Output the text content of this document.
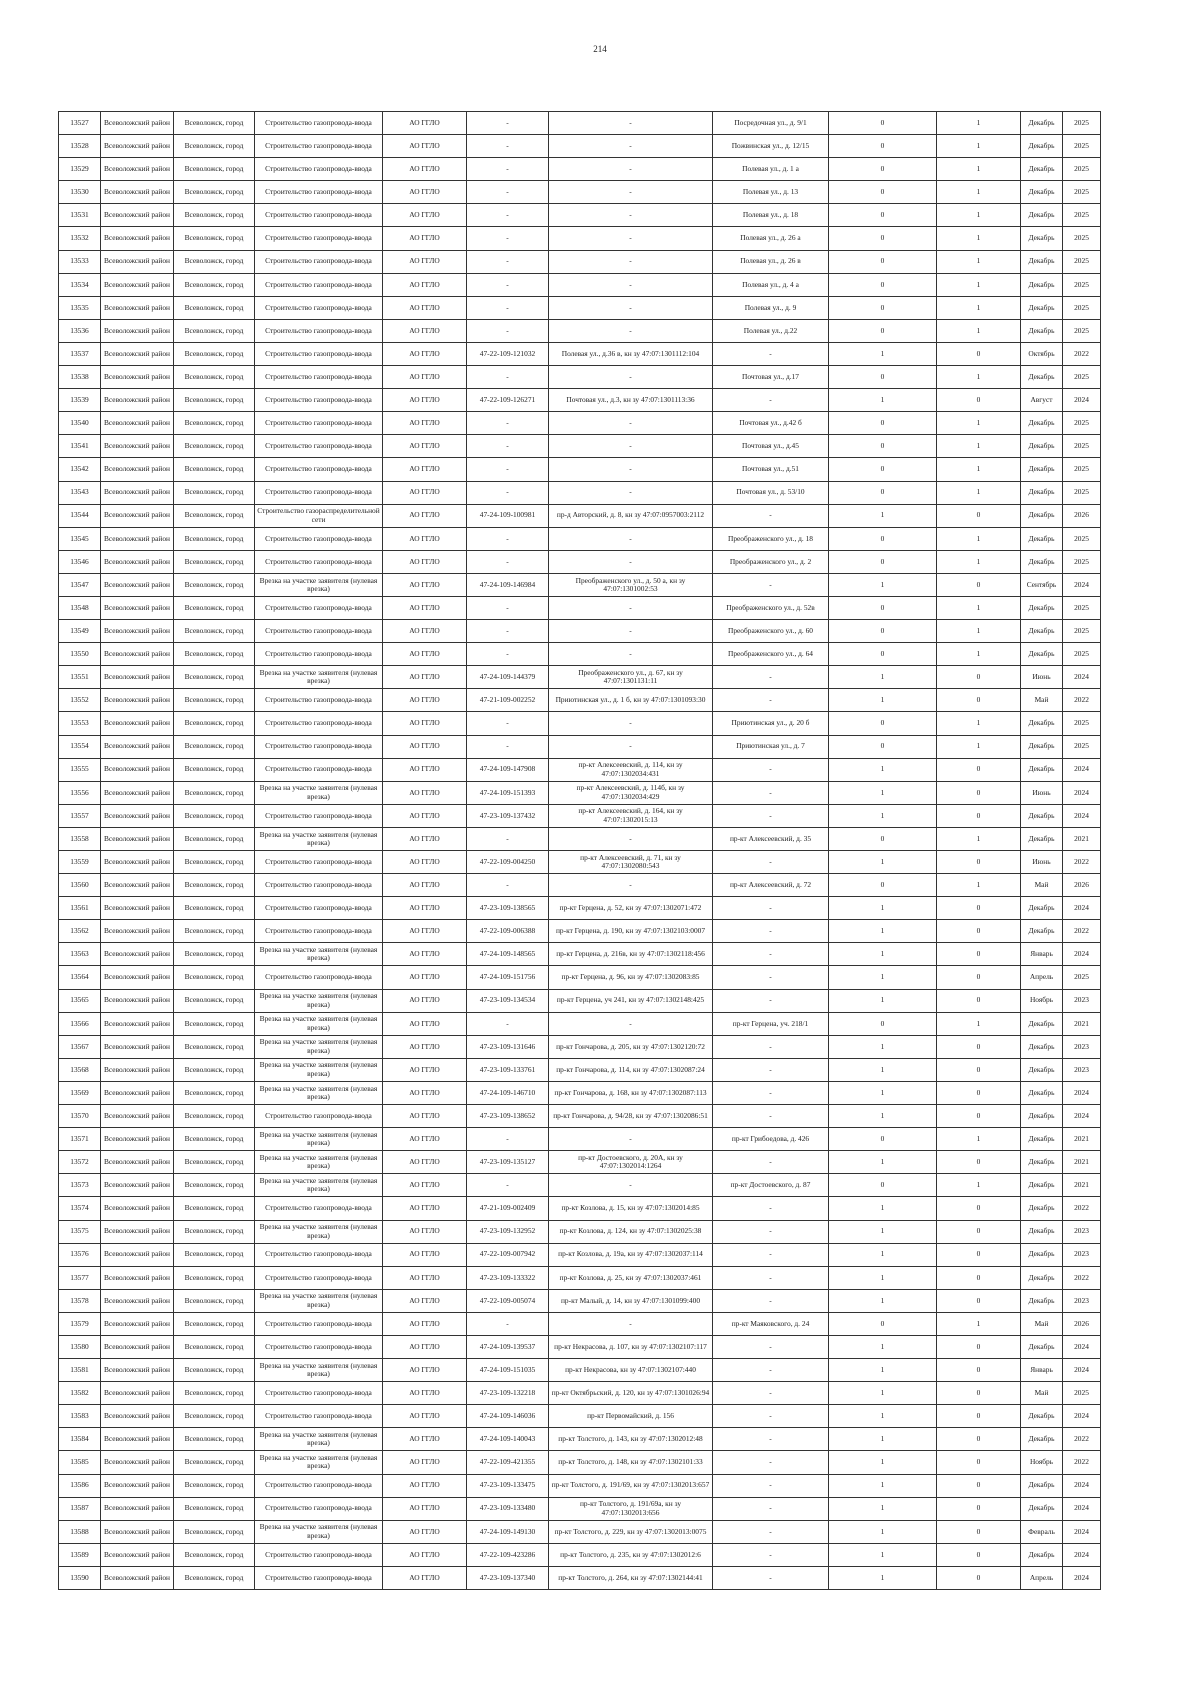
214
13527	Всеволожский район	Всеволожск, город	Строительство газопровода-ввода	АО ГГЛО	-	-	Посредочная ул., д. 9/1	0	1	Декабрь	2025
13528	Всеволожский район	Всеволожск, город	Строительство газопровода-ввода	АО ГГЛО	-	-	Пожвинская ул., д. 12/15	0	1	Декабрь	2025
13529	Всеволожский район	Всеволожск, город	Строительство газопровода-ввода	АО ГГЛО	-	-	Полевая ул., д. 1 а	0	1	Декабрь	2025
13530	Всеволожский район	Всеволожск, город	Строительство газопровода-ввода	АО ГГЛО	-	-	Полевая ул., д. 13	0	1	Декабрь	2025
13531	Всеволожский район	Всеволожск, город	Строительство газопровода-ввода	АО ГГЛО	-	-	Полевая ул., д. 18	0	1	Декабрь	2025
13532	Всеволожский район	Всеволожск, город	Строительство газопровода-ввода	АО ГГЛО	-	-	Полевая ул., д. 26 а	0	1	Декабрь	2025
13533	Всеволожский район	Всеволожск, город	Строительство газопровода-ввода	АО ГГЛО	-	-	Полевая ул., д. 26 в	0	1	Декабрь	2025
13534	Всеволожский район	Всеволожск, город	Строительство газопровода-ввода	АО ГГЛО	-	-	Полевая ул., д. 4 а	0	1	Декабрь	2025
13535	Всеволожский район	Всеволожск, город	Строительство газопровода-ввода	АО ГГЛО	-	-	Полевая ул., д. 9	0	1	Декабрь	2025
13536	Всеволожский район	Всеволожск, город	Строительство газопровода-ввода	АО ГГЛО	-	-	Полевая ул., д.22	0	1	Декабрь	2025
13537	Всеволожский район	Всеволожск, город	Строительство газопровода-ввода	АО ГГЛО	47-22-109-121032	Полевая ул., д.36 в, кн зу 47:07:1301112:104	-	1	0	Октябрь	2022
13538	Всеволожский район	Всеволожск, город	Строительство газопровода-ввода	АО ГГЛО	-	-	Почтовая ул., д.17	0	1	Декабрь	2025
13539	Всеволожский район	Всеволожск, город	Строительство газопровода-ввода	АО ГГЛО	47-22-109-126271	Почтовая ул., д.3, кн зу 47:07:1301113:36	-	1	0	Август	2024
13540	Всеволожский район	Всеволожск, город	Строительство газопровода-ввода	АО ГГЛО	-	-	Почтовая ул., д.42 б	0	1	Декабрь	2025
13541	Всеволожский район	Всеволожск, город	Строительство газопровода-ввода	АО ГГЛО	-	-	Почтовая ул., д.45	0	1	Декабрь	2025
13542	Всеволожский район	Всеволожск, город	Строительство газопровода-ввода	АО ГГЛО	-	-	Почтовая ул., д.51	0	1	Декабрь	2025
13543	Всеволожский район	Всеволожск, город	Строительство газопровода-ввода	АО ГГЛО	-	-	Почтовая ул., д. 53/10	0	1	Декабрь	2025
13544	Всеволожский район	Всеволожск, город	Строительство газораспределительной сети	АО ГГЛО	47-24-109-100981	пр-д Авторский, д. 8, кн зу 47:07:0957003:2112	-	1	0	Декабрь	2026
13545	Всеволожский район	Всеволожск, город	Строительство газопровода-ввода	АО ГГЛО	-	-	Преображенского ул., д. 18	0	1	Декабрь	2025
13546	Всеволожский район	Всеволожск, город	Строительство газопровода-ввода	АО ГГЛО	-	-	Преображенского ул., д. 2	0	1	Декабрь	2025
13547	Всеволожский район	Всеволожск, город	Врезка на участке заявителя (нулевая врезка)	АО ГГЛО	47-24-109-146984	Преображенского ул., д. 50 а, кн зу 47:07:1301002:53	-	1	0	Сентябрь	2024
13548	Всеволожский район	Всеволожск, город	Строительство газопровода-ввода	АО ГГЛО	-	-	Преображенского ул., д. 52в	0	1	Декабрь	2025
13549	Всеволожский район	Всеволожск, город	Строительство газопровода-ввода	АО ГГЛО	-	-	Преображенского ул., д. 60	0	1	Декабрь	2025
13550	Всеволожский район	Всеволожск, город	Строительство газопровода-ввода	АО ГГЛО	-	-	Преображенского ул., д. 64	0	1	Декабрь	2025
13551	Всеволожский район	Всеволожск, город	Врезка на участке заявителя (нулевая врезка)	АО ГГЛО	47-24-109-144379	Преображенского ул., д. 67, кн зу 47:07:1301131:11	-	1	0	Июнь	2024
13552	Всеволожский район	Всеволожск, город	Строительство газопровода-ввода	АО ГГЛО	47-21-109-002252	Приютинская ул., д. 1 б, кн зу 47:07:1301093:30	-	1	0	Май	2022
13553	Всеволожский район	Всеволожск, город	Строительство газопровода-ввода	АО ГГЛО	-	-	Приютинская ул., д. 20 б	0	1	Декабрь	2025
13554	Всеволожский район	Всеволожск, город	Строительство газопровода-ввода	АО ГГЛО	-	-	Приютинская ул., д. 7	0	1	Декабрь	2025
13555	Всеволожский район	Всеволожск, город	Строительство газопровода-ввода	АО ГГЛО	47-24-109-147908	пр-кт Алексеевский, д. 114, кн зу 47:07:1302034:431	-	1	0	Декабрь	2024
13556	Всеволожский район	Всеволожск, город	Врезка на участке заявителя (нулевая врезка)	АО ГГЛО	47-24-109-151393	пр-кт Алексеевский, д. 114б, кн зу 47:07:1302034:429	-	1	0	Июнь	2024
13557	Всеволожский район	Всеволожск, город	Строительство газопровода-ввода	АО ГГЛО	47-23-109-137432	пр-кт Алексеевский, д. 164, кн зу 47:07:1302015:13	-	1	0	Декабрь	2024
13558	Всеволожский район	Всеволожск, город	Врезка на участке заявителя (нулевая врезка)	АО ГГЛО	-	-	пр-кт Алексеевский, д. 35	0	1	Декабрь	2021
13559	Всеволожский район	Всеволожск, город	Строительство газопровода-ввода	АО ГГЛО	47-22-109-004250	пр-кт Алексеевский, д. 71, кн зу 47:07:1302080:543	-	1	0	Июнь	2022
13560	Всеволожский район	Всеволожск, город	Строительство газопровода-ввода	АО ГГЛО	-	-	пр-кт Алексеевский, д. 72	0	1	Май	2026
13561	Всеволожский район	Всеволожск, город	Строительство газопровода-ввода	АО ГГЛО	47-23-109-138565	пр-кт Герцена, д. 52, кн зу 47:07:1302071:472	-	1	0	Декабрь	2024
13562	Всеволожский район	Всеволожск, город	Строительство газопровода-ввода	АО ГГЛО	47-22-109-006388	пр-кт Герцена, д. 190, кн зу 47:07:1302103:0007	-	1	0	Декабрь	2022
13563	Всеволожский район	Всеволожск, город	Врезка на участке заявителя (нулевая врезка)	АО ГГЛО	47-24-109-148565	пр-кт Герцена, д. 216в, кн зу 47:07:1302118:456	-	1	0	Январь	2024
13564	Всеволожский район	Всеволожск, город	Строительство газопровода-ввода	АО ГГЛО	47-24-109-151756	пр-кт Герцена, д. 96, кн зу 47:07:1302083:85	-	1	0	Апрель	2025
13565	Всеволожский район	Всеволожск, город	Врезка на участке заявителя (нулевая врезка)	АО ГГЛО	47-23-109-134534	пр-кт Герцена, уч 241, кн зу 47:07:1302148:425	-	1	0	Ноябрь	2023
13566	Всеволожский район	Всеволожск, город	Врезка на участке заявителя (нулевая врезка)	АО ГГЛО	-	-	пр-кт Герцена, уч. 218/1	0	1	Декабрь	2021
13567	Всеволожский район	Всеволожск, город	Врезка на участке заявителя (нулевая врезка)	АО ГГЛО	47-23-109-131646	пр-кт Гончарова, д. 205, кн зу 47:07:1302120:72	-	1	0	Декабрь	2023
13568	Всеволожский район	Всеволожск, город	Врезка на участке заявителя (нулевая врезка)	АО ГГЛО	47-23-109-133761	пр-кт Гончарова, д. 114, кн зу 47:07:1302087:24	-	1	0	Декабрь	2023
13569	Всеволожский район	Всеволожск, город	Врезка на участке заявителя (нулевая врезка)	АО ГГЛО	47-24-109-146710	пр-кт Гончарова, д. 168, кн зу 47:07:1302087:113	-	1	0	Декабрь	2024
13570	Всеволожский район	Всеволожск, город	Строительство газопровода-ввода	АО ГГЛО	47-23-109-138652	пр-кт Гончарова, д. 94/28, кн зу 47:07:1302086:51	-	1	0	Декабрь	2024
13571	Всеволожский район	Всеволожск, город	Врезка на участке заявителя (нулевая врезка)	АО ГГЛО	-	-	пр-кт Грибоедова, д. 426	0	1	Декабрь	2021
13572	Всеволожский район	Всеволожск, город	Врезка на участке заявителя (нулевая врезка)	АО ГГЛО	47-23-109-135127	пр-кт Достоевского, д. 20А, кн зу 47:07:1302014:1264	-	1	0	Декабрь	2021
13573	Всеволожский район	Всеволожск, город	Врезка на участке заявителя (нулевая врезка)	АО ГГЛО	-	-	пр-кт Достоевского, д. 87	0	1	Декабрь	2021
13574	Всеволожский район	Всеволожск, город	Строительство газопровода-ввода	АО ГГЛО	47-21-109-002409	пр-кт Козлова, д. 15, кн зу 47:07:1302014:85	-	1	0	Декабрь	2022
13575	Всеволожский район	Всеволожск, город	Врезка на участке заявителя (нулевая врезка)	АО ГГЛО	47-23-109-132952	пр-кт Козлова, д. 124, кн зу 47:07:1302025:38	-	1	0	Декабрь	2023
13576	Всеволожский район	Всеволожск, город	Строительство газопровода-ввода	АО ГГЛО	47-22-109-007942	пр-кт Козлова, д. 19а, кн зу 47:07:1302037:114	-	1	0	Декабрь	2023
13577	Всеволожский район	Всеволожск, город	Строительство газопровода-ввода	АО ГГЛО	47-23-109-133322	пр-кт Козлова, д. 25, кн зу 47:07:1302037:461	-	1	0	Декабрь	2022
13578	Всеволожский район	Всеволожск, город	Врезка на участке заявителя (нулевая врезка)	АО ГГЛО	47-22-109-005074	пр-кт Малый, д. 14, кн зу 47:07:1301099:400	-	1	0	Декабрь	2023
13579	Всеволожский район	Всеволожск, город	Строительство газопровода-ввода	АО ГГЛО	-	-	пр-кт Маяковского, д. 24	0	1	Май	2026
13580	Всеволожский район	Всеволожск, город	Строительство газопровода-ввода	АО ГГЛО	47-24-109-139537	пр-кт Некрасова, д. 107, кн зу 47:07:1302107:117	-	1	0	Декабрь	2024
13581	Всеволожский район	Всеволожск, город	Врезка на участке заявителя (нулевая врезка)	АО ГГЛО	47-24-109-151035	пр-кт Некрасова, кн зу 47:07:1302107:440	-	1	0	Январь	2024
13582	Всеволожский район	Всеволожск, город	Строительство газопровода-ввода	АО ГГЛО	47-23-109-132218	пр-кт Октябрьский, д. 120, кн зу 47:07:1301026:94	-	1	0	Май	2025
13583	Всеволожский район	Всеволожск, город	Строительство газопровода-ввода	АО ГГЛО	47-24-109-146036	пр-кт Первомайский, д. 156	-	1	0	Декабрь	2024
13584	Всеволожский район	Всеволожск, город	Врезка на участке заявителя (нулевая врезка)	АО ГГЛО	47-24-109-140043	пр-кт Толстого, д. 143, кн зу 47:07:1302012:48	-	1	0	Декабрь	2022
13585	Всеволожский район	Всеволожск, город	Врезка на участке заявителя (нулевая врезка)	АО ГГЛО	47-22-109-421355	пр-кт Толстого, д. 148, кн зу 47:07:1302101:33	-	1	0	Ноябрь	2022
13586	Всеволожский район	Всеволожск, город	Строительство газопровода-ввода	АО ГГЛО	47-23-109-133475	пр-кт Толстого, д. 191/69, кн зу 47:07:1302013:657	-	1	0	Декабрь	2024
13587	Всеволожский район	Всеволожск, город	Строительство газопровода-ввода	АО ГГЛО	47-23-109-133480	пр-кт Толстого, д. 191/69а, кн зу 47:07:1302013:656	-	1	0	Декабрь	2024
13588	Всеволожский район	Всеволожск, город	Врезка на участке заявителя (нулевая врезка)	АО ГГЛО	47-24-109-149130	пр-кт Толстого, д. 229, кн зу 47:07:1302013:0075	-	1	0	Февраль	2024
13589	Всеволожский район	Всеволожск, город	Строительство газопровода-ввода	АО ГГЛО	47-22-109-423286	пр-кт Толстого, д. 235, кн зу 47:07:1302012:6	-	1	0	Декабрь	2024
13590	Всеволожский район	Всеволожск, город	Строительство газопровода-ввода	АО ГГЛО	47-23-109-137340	пр-кт Толстого, д. 264, кн зу 47:07:1302144:41	-	1	0	Апрель	2024
